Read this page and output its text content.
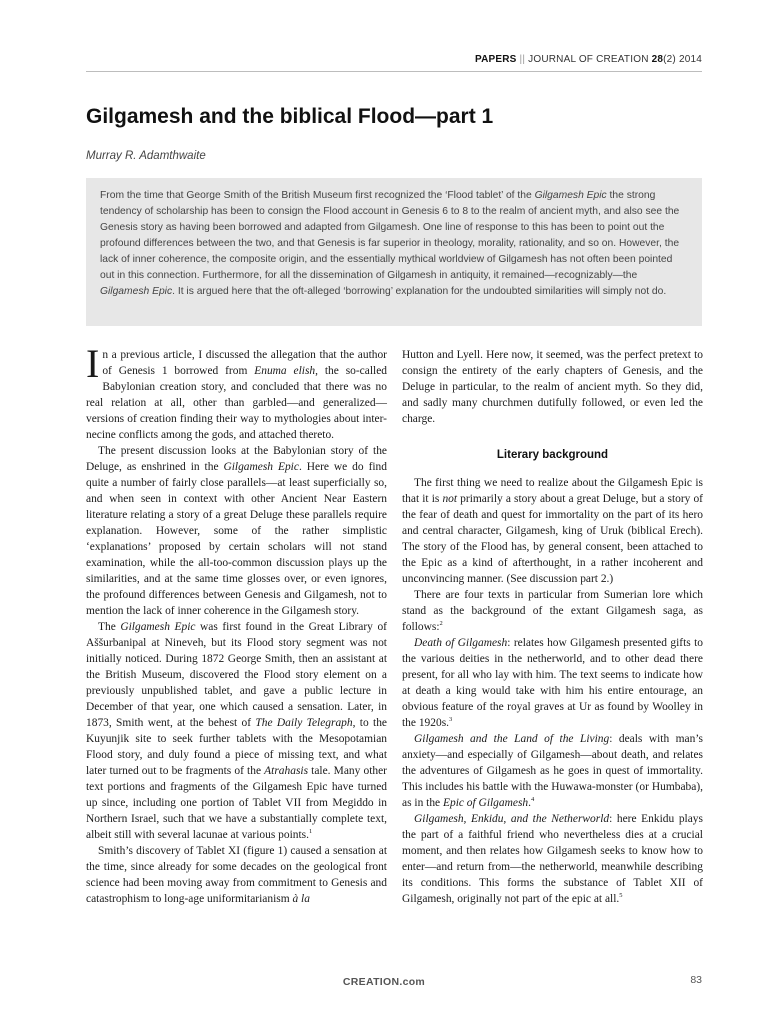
PAPERS || JOURNAL OF CREATION 28(2) 2014
Gilgamesh and the biblical Flood—part 1
Murray R. Adamthwaite
From the time that George Smith of the British Museum first recognized the ‘Flood tablet’ of the Gilgamesh Epic the strong tendency of scholarship has been to consign the Flood account in Genesis 6 to 8 to the realm of ancient myth, and also see the Genesis story as having been borrowed and adapted from Gilgamesh. One line of response to this has been to point out the profound differences between the two, and that Genesis is far superior in theology, morality, rationality, and so on. However, the lack of inner coherence, the composite origin, and the essentially mythical worldview of Gilgamesh has not often been pointed out in this connection. Furthermore, for all the dissemination of Gilgamesh in antiquity, it remained—recognizably—the Gilgamesh Epic. It is argued here that the oft-alleged ‘borrowing’ explanation for the undoubted similarities will simply not do.

In a previous article, I discussed the allegation that the author of Genesis 1 borrowed from Enuma elish, the so-called Babylonian creation story, and concluded that there was no real relation at all, other than garbled—and generalized—versions of creation finding their way to mythologies about inter-necine conflicts among the gods, and attached thereto.

The present discussion looks at the Babylonian story of the Deluge, as enshrined in the Gilgamesh Epic. Here we do find quite a number of fairly close parallels—at least superficially so, and when seen in context with other Ancient Near Eastern literature relating a story of a great Deluge these parallels require explanation. However, some of the rather simplistic ‘explanations’ proposed by certain scholars will not stand examination, while the all-too-common discussion plays up the similarities, and at the same time glosses over, or even ignores, the profound differences between Genesis and Gilgamesh, not to mention the lack of inner coherence in the Gilgamesh story.

The Gilgamesh Epic was first found in the Great Library of Aššurbanipal at Nineveh, but its Flood story segment was not initially noticed. During 1872 George Smith, then an assistant at the British Museum, discovered the Flood story element on a previously unpublished tablet, and gave a public lecture in December of that year, one which caused a sensation. Later, in 1873, Smith went, at the behest of The Daily Telegraph, to the Kuyunjik site to seek further tablets with the Mesopotamian Flood story, and duly found a piece of missing text, and what later turned out to be fragments of the Atrahasis tale. Many other text portions and fragments of the Gilgamesh Epic have turned up since, including one portion of Tablet VII from Megiddo in Northern Israel, such that we have a substantially complete text, albeit still with several lacunae at various points.$^1$

Smith’s discovery of Tablet XI (figure 1) caused a sensation at the time, since already for some decades on the geological front science had been moving away from commitment to Genesis and catastrophism to long-age uniformitarianism à la

Hutton and Lyell. Here now, it seemed, was the perfect pretext to consign the entirety of the early chapters of Genesis, and the Deluge in particular, to the realm of ancient myth. So they did, and sadly many churchmen dutifully followed, or even led the charge.

Literary background

The first thing we need to realize about the Gilgamesh Epic is that it is not primarily a story about a great Deluge, but a story of the fear of death and quest for immortality on the part of its hero and central character, Gilgamesh, king of Uruk (biblical Erech). The story of the Flood has, by general consent, been attached to the Epic as a kind of afterthought, in a rather incoherent and unconvincing manner. (See discussion part 2.)

There are four texts in particular from Sumerian lore which stand as the background of the extant Gilgamesh saga, as follows:$^2$

Death of Gilgamesh: relates how Gilgamesh presented gifts to the various deities in the netherworld, and to other dead there present, for all who lay with him. The text seems to indicate how at death a king would take with him his entire entourage, an obvious feature of the royal graves at Ur as found by Woolley in the 1920s.$^3$

Gilgamesh and the Land of the Living: deals with man’s anxiety—and especially of Gilgamesh—about death, and relates the adventures of Gilgamesh as he goes in quest of immortality. This includes his battle with the Huwawa-monster (or Humbaba), as in the Epic of Gilgamesh.$^4$

Gilgamesh, Enkidu, and the Netherworld: here Enkidu plays the part of a faithful friend who nevertheless dies at a crucial moment, and then relates how Gilgamesh seeks to know how to enter—and return from—the netherworld, meanwhile describing its conditions. This forms the substance of Tablet XII of Gilgamesh, originally not part of the epic at all.$^5$

CREATION.com	83
